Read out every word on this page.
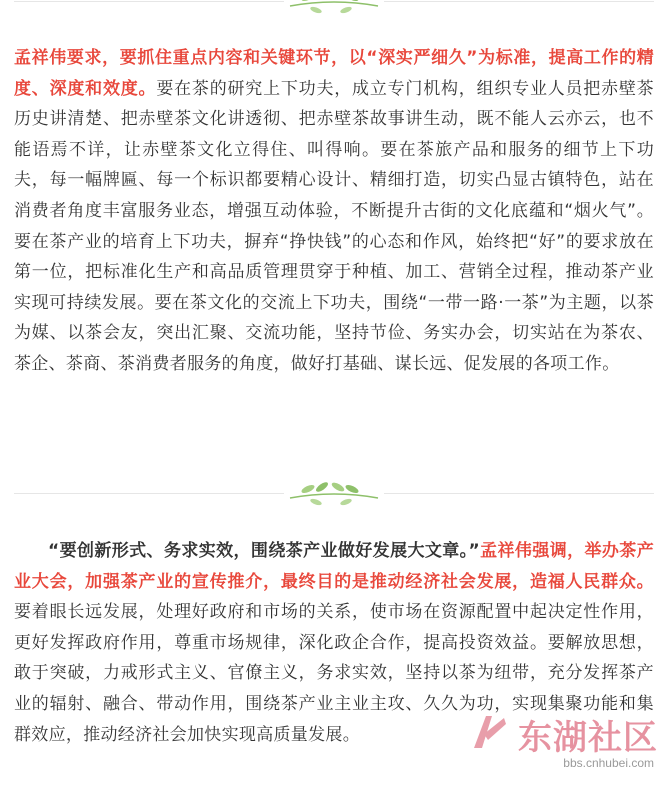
孟祥伟要求，要抓住重点内容和关键环节，以“深实严细久”为标准，提高工作的精度、深度和效度。要在茶的研究上下功夫，成立专门机构，组织专业人员把赤壁茶历史讲清楚、把赤壁茶文化讲透彻、把赤壁茶故事讲生动，既不能人云亦云，也不能语焉不详，让赤壁茶文化立得住、叫得响。要在茶旅产品和服务的细节上下功夫，每一幅牌匾、每一个标识都要精心设计、精细打造，切实凸显古镇特色，站在消费者角度丰富服务业态，增强互动体验，不断提升古街的文化底蕴和“烟火气”。要在茶产业的培育上下功夫，摒弃“挣快钱”的心态和作风，始终把“好”的要求放在第一位，把标准化生产和高品质管理贯穿于种植、加工、营销全过程，推动茶产业实现可持续发展。要在茶文化的交流上下功夫，围绕“一带一路·一茶”为主题，以茶为媒、以茶会友，突出汇聚、交流功能，坚持节俭、务实办会，切实站在为茶农、茶企、茶商、茶消费者服务的角度，做好打基础、谋长远、促发展的各项工作。

“要创新形式、务求实效，围绕茶产业做好发展大文章。”孟祥伟强调，举办茶产业大会，加强茶产业的宣传推介，最终目的是推动经济社会发展，造福人民群众。要着眼长远发展，处理好政府和市场的关系，使市场在资源配置中起决定性作用，更好发挥政府作用，尊重市场规律，深化政企合作，提高投资效益。要解放思想，敢于突破，力戒形式主义、官僚主义，务求实效，坚持以茶为纽带，充分发挥茶产业的辐射、融合、带动作用，围绕茶产业主业主攻、久久为功，实现集聚功能和集群效应，推动经济社会加快实现高质量发展。	东湖社区
bbs.cnhubei.com
